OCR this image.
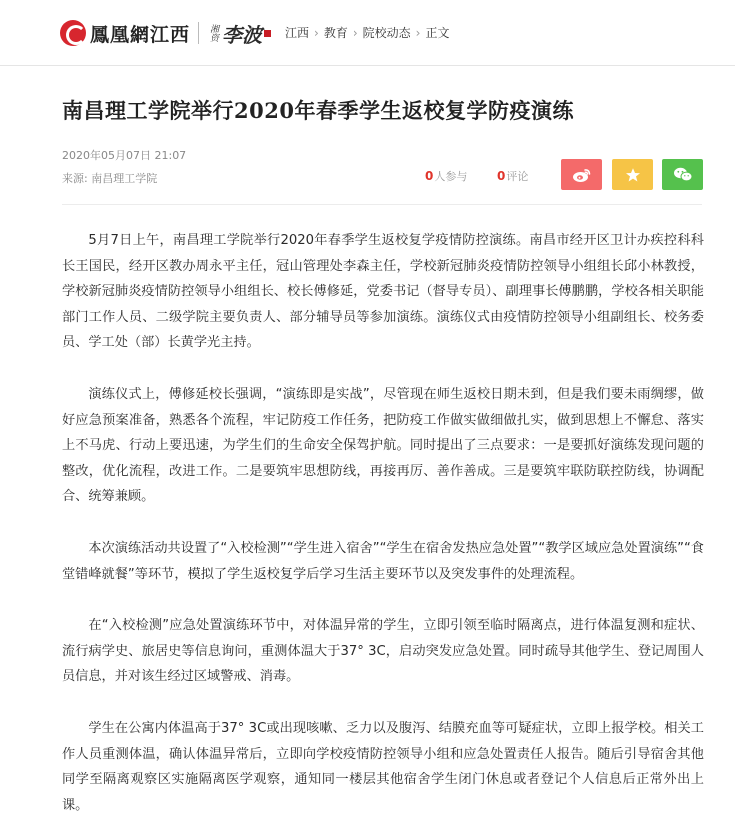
鳳凰網江西 湘资 李波 江西 › 教育 › 院校动态 › 正文
南昌理工学院举行2020年春季学生返校复学防疫演练
2020年05月07日 21:07
来源: 南昌理工学院	0 人参与 0 评论

5月7日上午，南昌理工学院举行2020年春季学生返校复学疫情防控演练。南昌市经开区卫计办疾控科科长王国民，经开区教办周永平主任，冠山管理处李森主任，学校新冠肺炎疫情防控领导小组组长邱小林教授，学校新冠肺炎疫情防控领导小组组长、校长傅修延，党委书记（督导专员）、副理事长傅鹏鹏，学校各相关职能部门工作人员、二级学院主要负责人、部分辅导员等参加演练。演练仪式由疫情防控领导小组副组长、校务委员、学工处（部）长黄学光主持。

演练仪式上，傅修延校长强调，“演练即是实战”，尽管现在师生返校日期未到，但是我们要未雨绸缪，做好应急预案准备，熟悉各个流程，牢记防疫工作任务，把防疫工作做实做细做扎实，做到思想上不懈怠、落实上不马虎、行动上要迅速，为学生们的生命安全保驾护航。同时提出了三点要求：一是要抓好演练发现问题的整改，优化流程，改进工作。二是要筑牢思想防线，再接再厉、善作善成。三是要筑牢联防联控防线，协调配合、统筹兼顾。

本次演练活动共设置了“入校检测”“学生进入宿舍”“学生在宿舍发热应急处置”“教学区域应急处置演练”“食堂错峰就餐”等环节，模拟了学生返校复学后学习生活主要环节以及突发事件的处理流程。

在“入校检测”应急处置演练环节中，对体温异常的学生，立即引领至临时隔离点，进行体温复测和症状、流行病学史、旅居史等信息询问，重测体温大于37° 3C，启动突发应急处置。同时疏导其他学生、登记周围人员信息，并对该生经过区域警戒、消毒。

学生在公寓内体温高于37° 3C或出现咳嗽、乏力以及腹泻、结膜充血等可疑症状，立即上报学校。相关工作人员重测体温，确认体温异常后，立即向学校疫情防控领导小组和应急处置责任人报告。随后引导宿舍其他同学至隔离观察区实施隔离医学观察，通知同一楼层其他宿舍学生闭门休息或者登记个人信息后正常外出上课。
